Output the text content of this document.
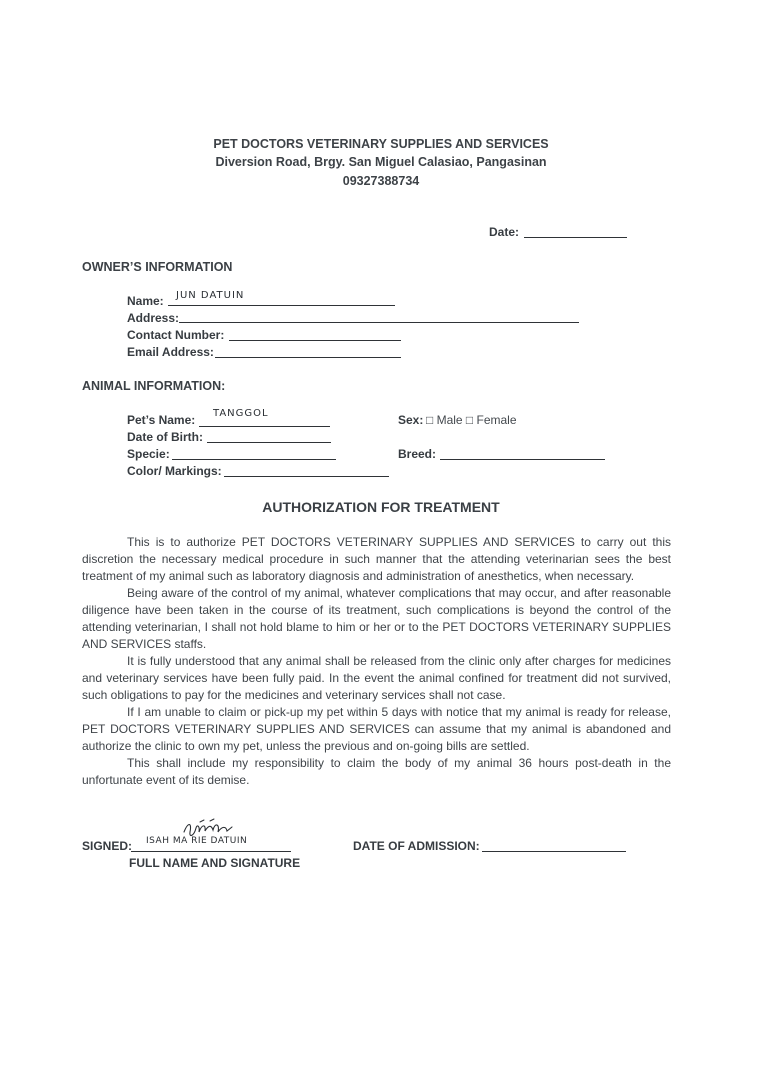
PET DOCTORS VETERINARY SUPPLIES AND SERVICES
Diversion Road, Brgy. San Miguel Calasiao, Pangasinan
09327388734
Date:
OWNER’S INFORMATION
Name: JUN DATUIN
Address:
Contact Number:
Email Address:
ANIMAL INFORMATION:
Pet’s Name: TANGGOL	Sex: □ Male □ Female
Date of Birth:
Specie:	Breed:
Color/ Markings:
AUTHORIZATION FOR TREATMENT

This is to authorize PET DOCTORS VETERINARY SUPPLIES AND SERVICES to carry out this discretion the necessary medical procedure in such manner that the attending veterinarian sees the best treatment of my animal such as laboratory diagnosis and administration of anesthetics, when necessary.

Being aware of the control of my animal, whatever complications that may occur, and after reasonable diligence have been taken in the course of its treatment, such complications is beyond the control of the attending veterinarian, I shall not hold blame to him or her or to the PET DOCTORS VETERINARY SUPPLIES AND SERVICES staffs.

It is fully understood that any animal shall be released from the clinic only after charges for medicines and veterinary services have been fully paid. In the event the animal confined for treatment did not survived, such obligations to pay for the medicines and veterinary services shall not case.

If I am unable to claim or pick-up my pet within 5 days with notice that my animal is ready for release, PET DOCTORS VETERINARY SUPPLIES AND SERVICES can assume that my animal is abandoned and authorize the clinic to own my pet, unless the previous and on-going bills are settled.

This shall include my responsibility to claim the body of my animal 36 hours post-death in the unfortunate event of its demise.

SIGNED: ISAH MA RIE DATUIN
FULL NAME AND SIGNATURE
DATE OF ADMISSION:
